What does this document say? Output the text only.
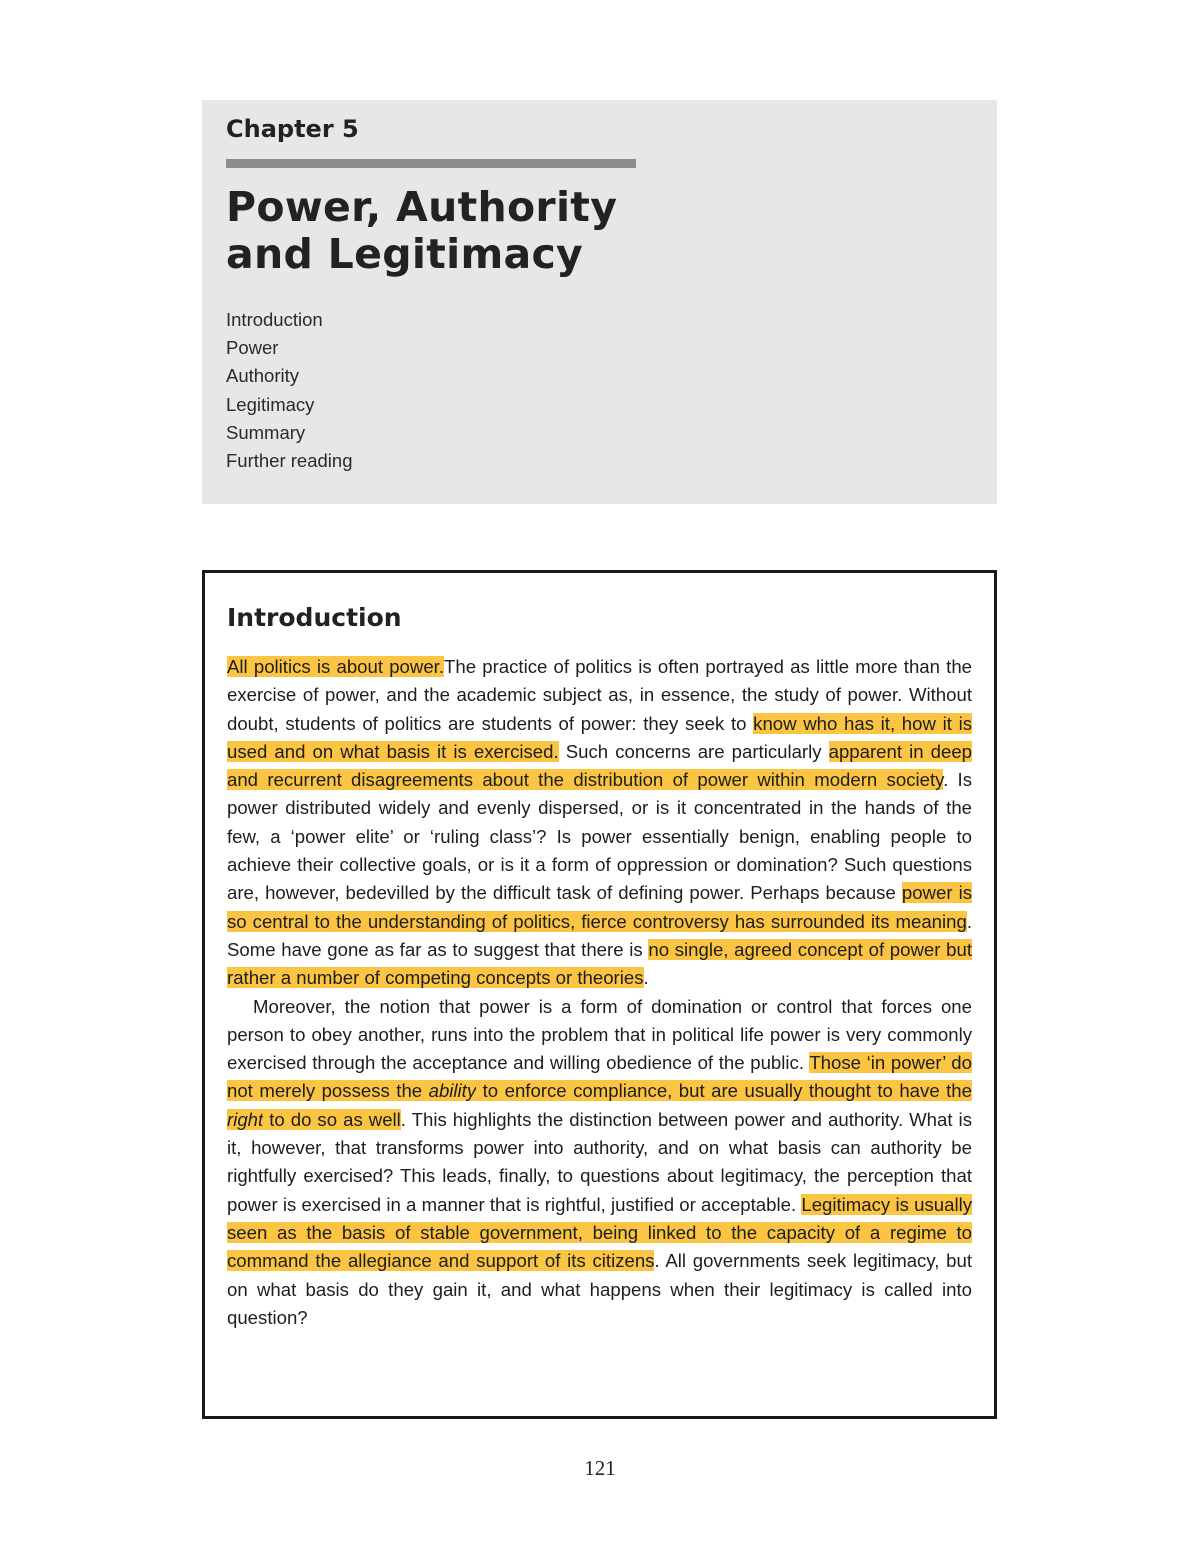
Chapter 5
Power, Authority
and Legitimacy
Introduction
Power
Authority
Legitimacy
Summary
Further reading
Introduction

All politics is about power.The practice of politics is often portrayed as little more than the exercise of power, and the academic subject as, in essence, the study of power. Without doubt, students of politics are students of power: they seek to know who has it, how it is used and on what basis it is exercised. Such concerns are particularly apparent in deep and recurrent disagreements about the distribution of power within modern society. Is power distributed widely and evenly dispersed, or is it concentrated in the hands of the few, a ‘power elite’ or ‘ruling class’? Is power essentially benign, enabling people to achieve their collective goals, or is it a form of oppression or domination? Such questions are, however, bedevilled by the difficult task of defining power. Perhaps because power is so central to the understanding of politics, fierce controversy has surrounded its meaning. Some have gone as far as to suggest that there is no single, agreed concept of power but rather a number of competing concepts or theories.

Moreover, the notion that power is a form of domination or control that forces one person to obey another, runs into the problem that in political life power is very commonly exercised through the acceptance and willing obedience of the public. Those ‘in power’ do not merely possess the ability to enforce compliance, but are usually thought to have the right to do so as well. This highlights the distinction between power and authority. What is it, however, that transforms power into authority, and on what basis can authority be rightfully exercised? This leads, finally, to questions about legitimacy, the perception that power is exercised in a manner that is rightful, justified or acceptable. Legitimacy is usually seen as the basis of stable government, being linked to the capacity of a regime to command the allegiance and support of its citizens. All governments seek legitimacy, but on what basis do they gain it, and what happens when their legitimacy is called into question?

121
